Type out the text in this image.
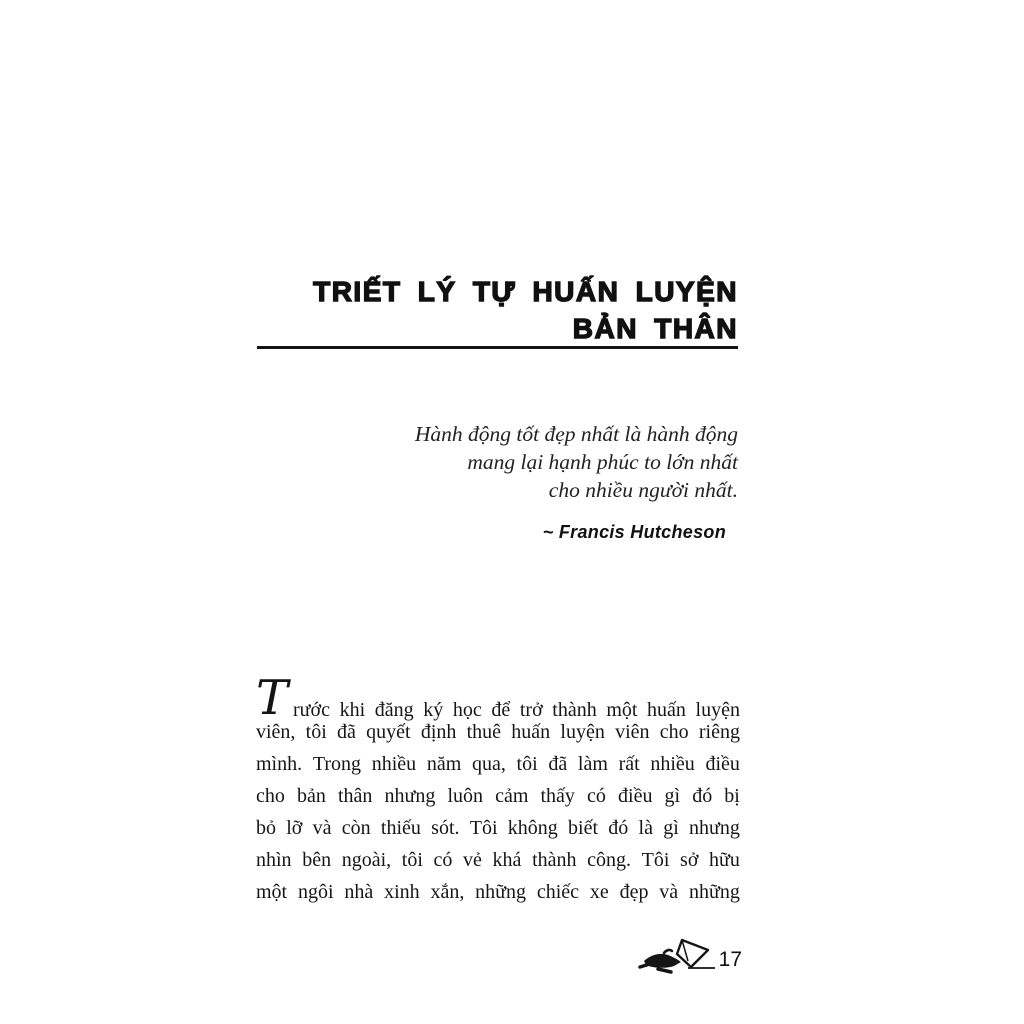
TRIẾT LÝ TỰ HUẤN LUYỆN
BẢN THÂN
Hành động tốt đẹp nhất là hành động
mang lại hạnh phúc to lớn nhất
cho nhiều người nhất.
~ Francis Hutcheson
T rước khi đăng ký học để trở thành một huấn luyện
viên, tôi đã quyết định thuê huấn luyện viên cho riêng
mình. Trong nhiều năm qua, tôi đã làm rất nhiều điều
cho bản thân nhưng luôn cảm thấy có điều gì đó bị
bỏ lỡ và còn thiếu sót. Tôi không biết đó là gì nhưng
nhìn bên ngoài, tôi có vẻ khá thành công. Tôi sở hữu
một ngôi nhà xinh xắn, những chiếc xe đẹp và những
17
